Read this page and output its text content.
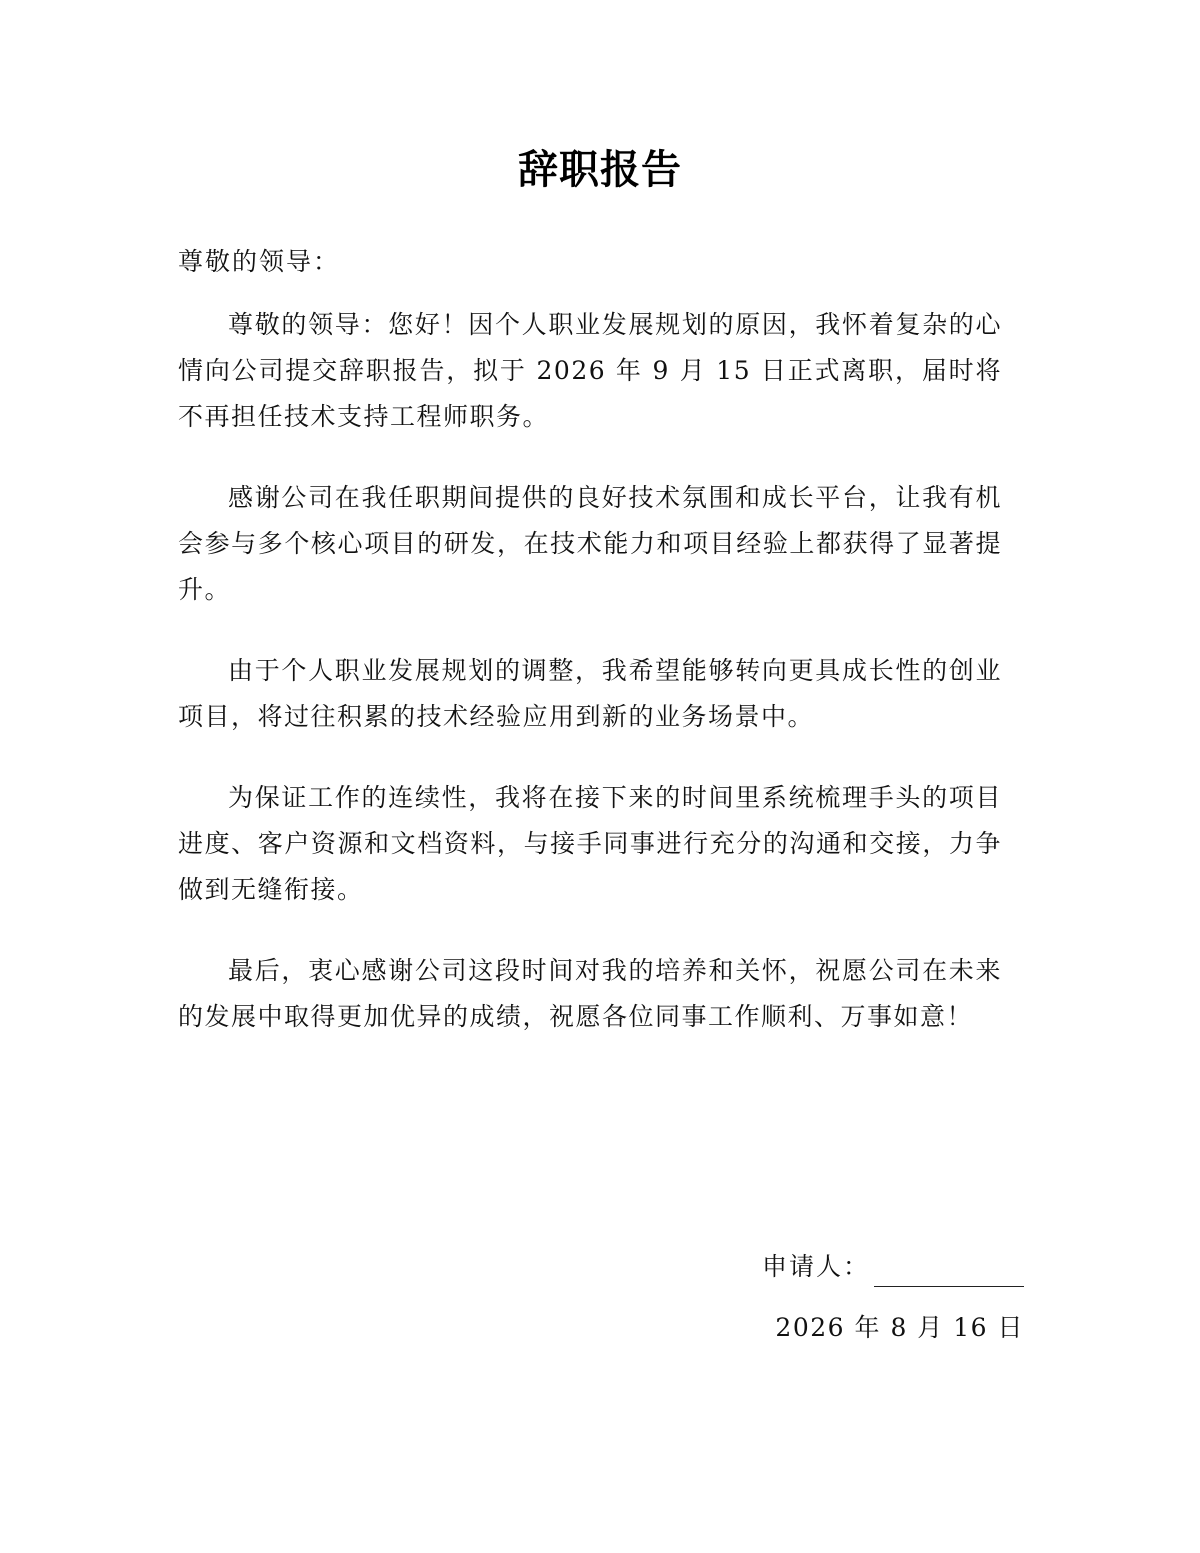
辞职报告
尊敬的领导：

尊敬的领导：您好！因个人职业发展规划的原因，我怀着复杂的心情向公司提交辞职报告，拟于 2026 年 9 月 15 日正式离职，届时将不再担任技术支持工程师职务。

感谢公司在我任职期间提供的良好技术氛围和成长平台，让我有机会参与多个核心项目的研发，在技术能力和项目经验上都获得了显著提升。

由于个人职业发展规划的调整，我希望能够转向更具成长性的创业项目，将过往积累的技术经验应用到新的业务场景中。

为保证工作的连续性，我将在接下来的时间里系统梳理手头的项目进度、客户资源和文档资料，与接手同事进行充分的沟通和交接，力争做到无缝衔接。

最后，衷心感谢公司这段时间对我的培养和关怀，祝愿公司在未来的发展中取得更加优异的成绩，祝愿各位同事工作顺利、万事如意！

申请人：
2026 年 8 月 16 日
